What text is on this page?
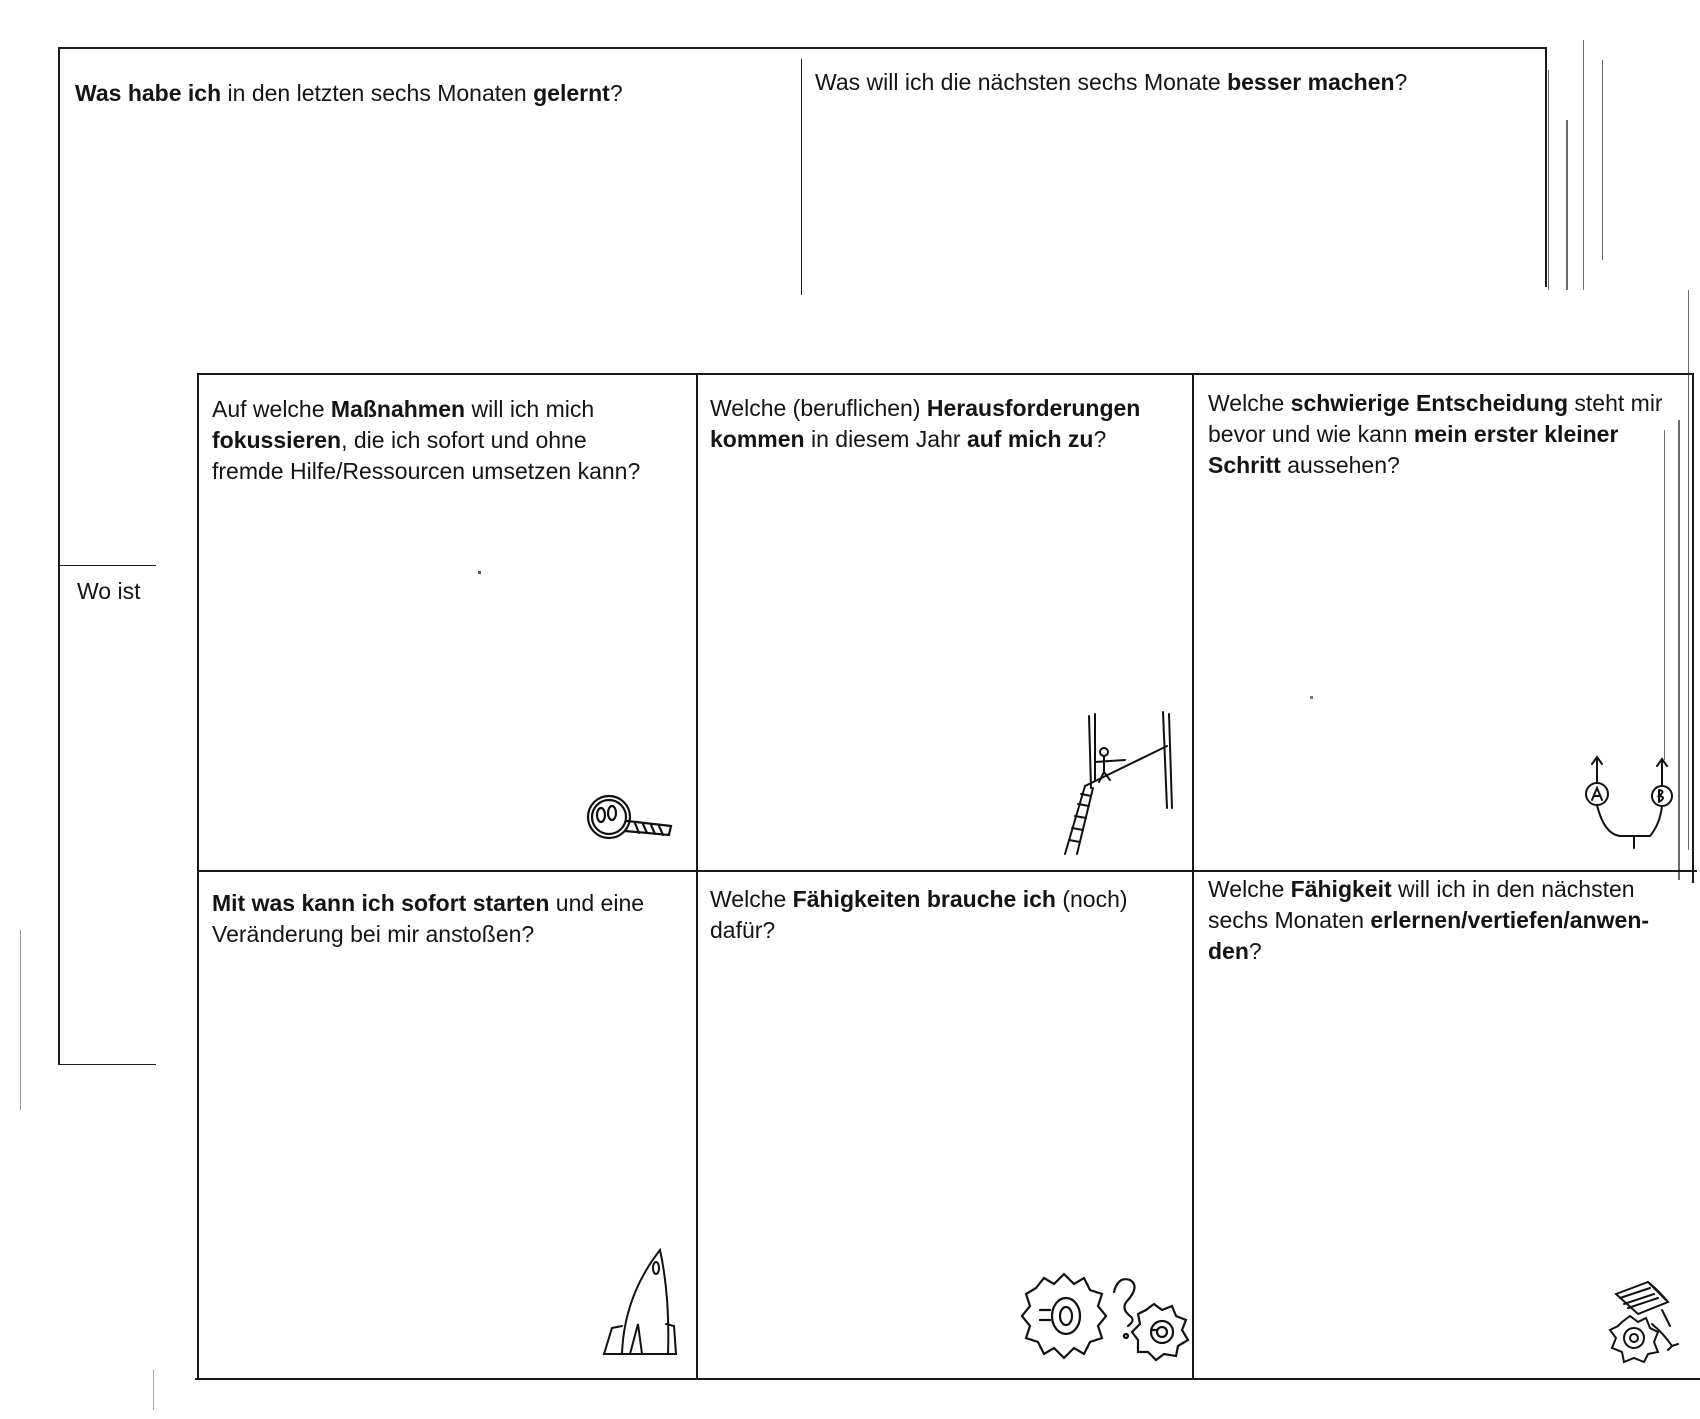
Was habe ich in den letzten sechs Monaten gelernt?	Was will ich die nächsten sechs Monate besser machen?
Wo ist
Auf welche Maßnahmen will ich mich
fokussieren, die ich sofort und ohne
fremde Hilfe/Ressourcen umsetzen kann?
Welche (beruflichen) Herausforderungen
kommen in diesem Jahr auf mich zu?
Welche schwierige Entscheidung steht mir
bevor und wie kann mein erster kleiner
Schritt aussehen?
Mit was kann ich sofort starten und eine
Veränderung bei mir anstoßen?
Welche Fähigkeiten brauche ich (noch)
dafür?
Welche Fähigkeit will ich in den nächsten
sechs Monaten erlernen/vertiefen/anwen-
den?
